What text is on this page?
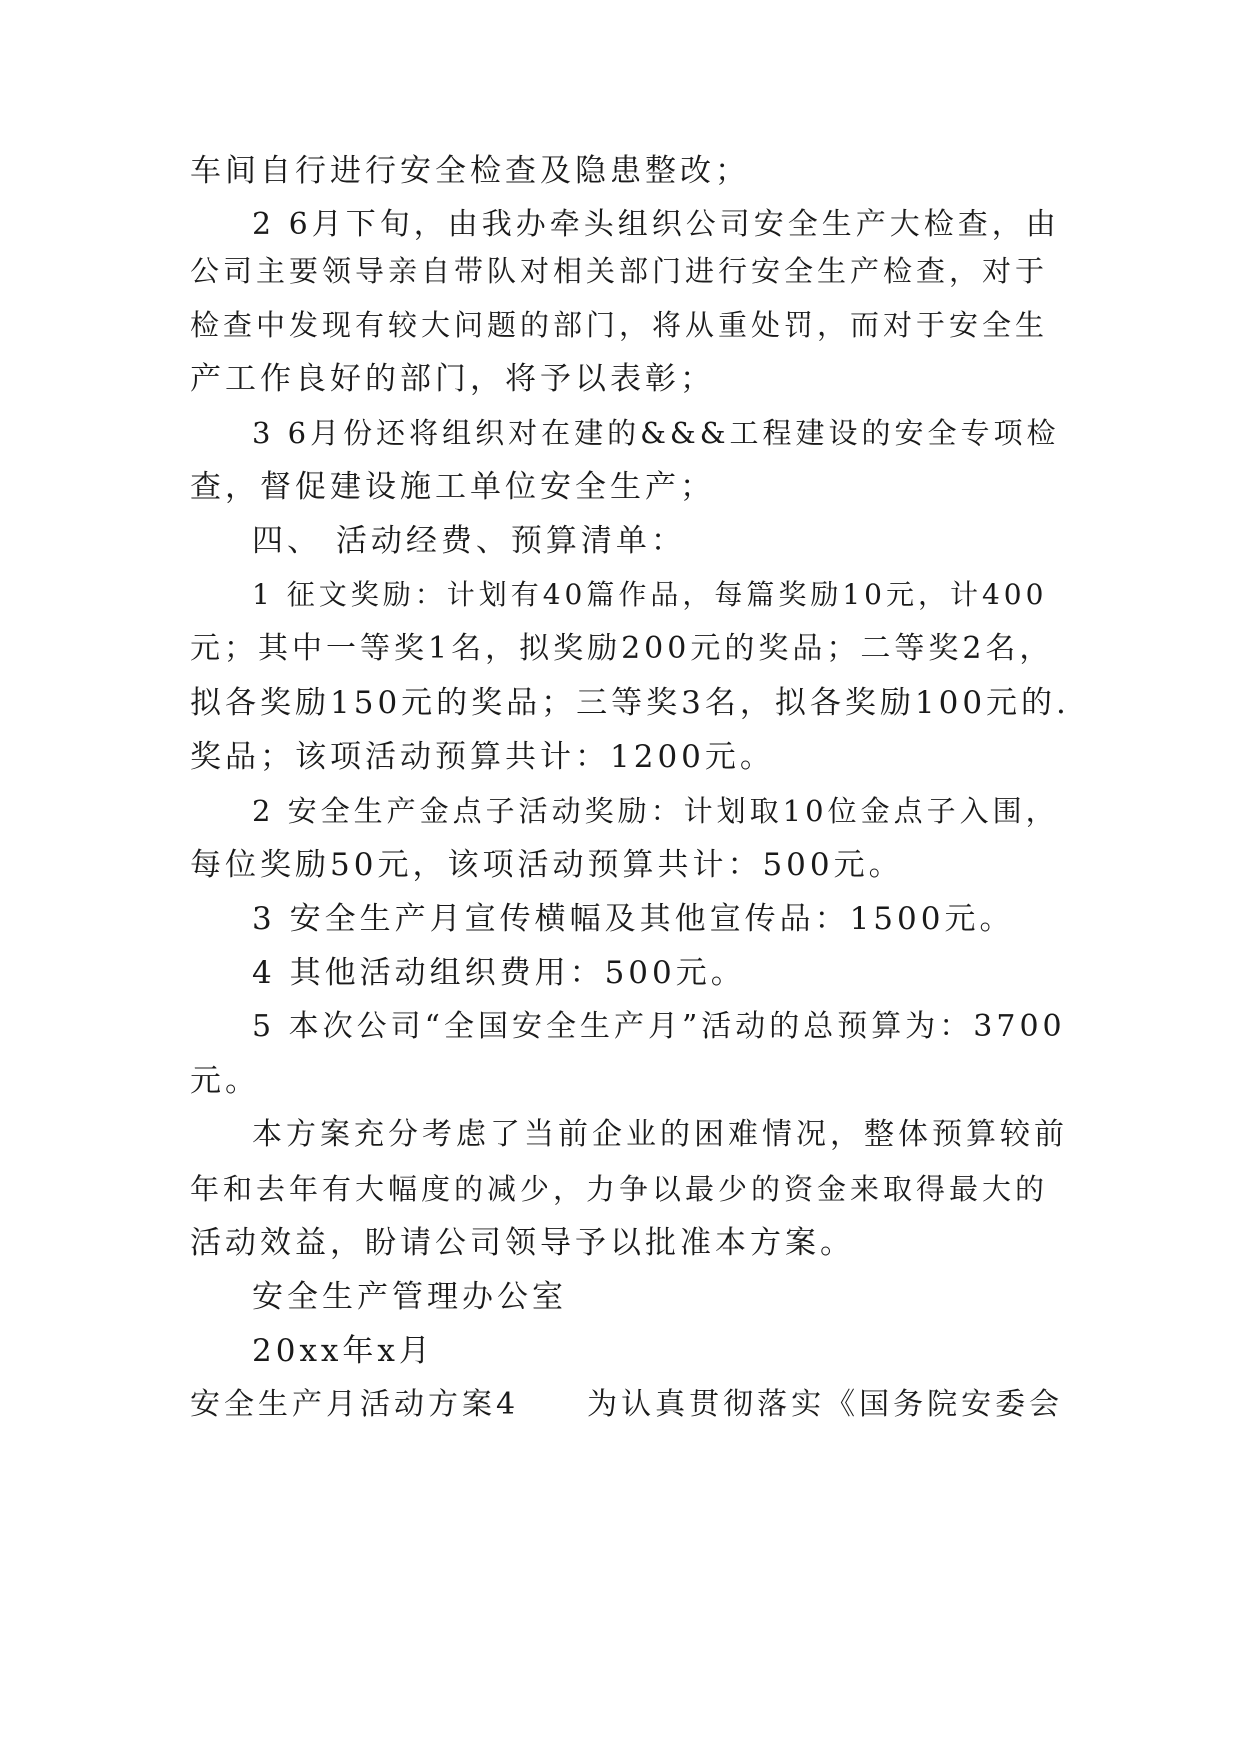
车间自行进行安全检查及隐患整改；
2 6月下旬，由我办牵头组织公司安全生产大检查，由
公司主要领导亲自带队对相关部门进行安全生产检查，对于
检查中发现有较大问题的部门，将从重处罚，而对于安全生
产工作良好的部门，将予以表彰；
3 6月份还将组织对在建的&&&工程建设的安全专项检
查，督促建设施工单位安全生产；
四、 活动经费、预算清单：
1 征文奖励：计划有40篇作品，每篇奖励10元，计400
元；其中一等奖1名，拟奖励200元的奖品；二等奖2名，
拟各奖励150元的奖品；三等奖3名，拟各奖励100元的.
奖品；该项活动预算共计：1200元。
2 安全生产金点子活动奖励：计划取10位金点子入围，
每位奖励50元，该项活动预算共计：500元。
3 安全生产月宣传横幅及其他宣传品：1500元。
4 其他活动组织费用：500元。
5 本次公司“全国安全生产月”活动的总预算为：3700
元。
本方案充分考虑了当前企业的困难情况，整体预算较前
年和去年有大幅度的减少，力争以最少的资金来取得最大的
活动效益，盼请公司领导予以批准本方案。
安全生产管理办公室
20xx年x月
安全生产月活动方案4　　为认真贯彻落实《国务院安委会
